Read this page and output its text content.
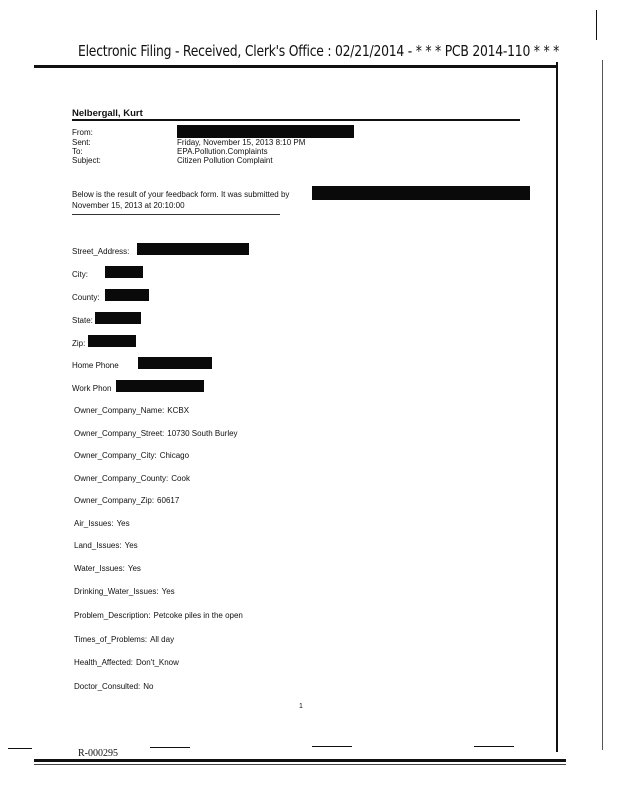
Electronic Filing - Received, Clerk's Office : 02/21/2014 - * * * PCB 2014-110 * * *
Nelbergall, Kurt
From:
Sent:	Friday, November 15, 2013 8:10 PM
To:	EPA.Pollution.Complaints
Subject:	Citizen Pollution Complaint
Below is the result of your feedback form. It was submitted by
November 15, 2013 at 20:10:00
Street_Address:
City:
County:
State:
Zip:
Home Phone
Work Phon
Owner_Company_Name: KCBX
Owner_Company_Street: 10730 South Burley
Owner_Company_City: Chicago
Owner_Company_County: Cook
Owner_Company_Zip: 60617
Air_Issues: Yes
Land_Issues: Yes
Water_Issues: Yes
Drinking_Water_Issues: Yes
Problem_Description: Petcoke piles in the open
Times_of_Problems: All day
Health_Affected: Don't_Know
Doctor_Consulted: No
1
R-000295
